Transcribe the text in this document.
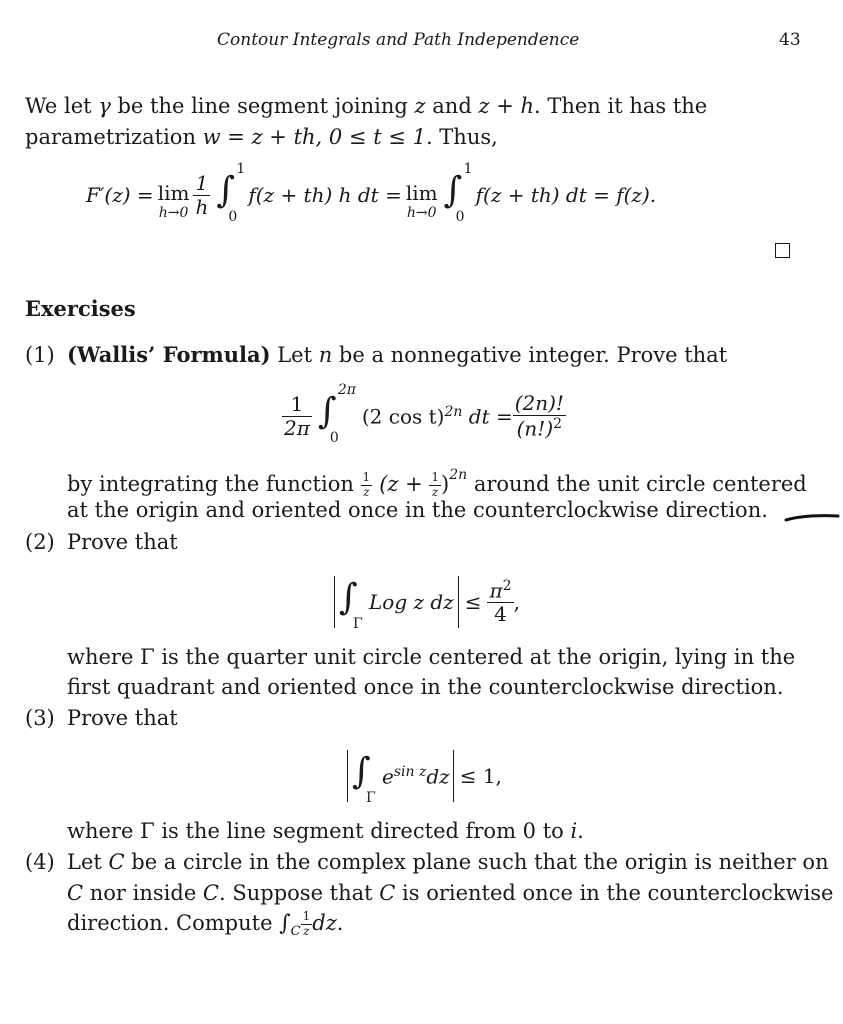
Contour Integrals and Path Independence	43
We let γ be the line segment joining z and z + h. Then it has the
parametrization w = z + th, 0 ≤ t ≤ 1. Thus,
F′(z) = lim
$h\to 0 \frac{1}{h}$ ∫
1
0
f(z + th) h dt = lim
h→0
∫
1
0
f(z + th) dt = f(z).
Exercises
(1) (Wallis’ Formula) Let n be a nonnegative integer. Prove that
$\frac{1}{2\pi}$ ∫
2π
0
(2 cos t)$^{2n}$ dt = $\frac{(2n)!}{(n!)^2}$
by integrating the function $\frac{1}{z} (z + \frac{1}{z} )^{2n}$ around the unit circle centered
at the origin and oriented once in the counterclockwise direction.
(2) Prove that
∫
Γ
Log z dz ≤ $\frac{\pi^2}{4}$ ,
where Γ is the quarter unit circle centered at the origin, lying in the
first quadrant and oriented once in the counterclockwise direction.
(3) Prove that
∫
Γ
$e^{sin z}dz \le 1$,
where Γ is the line segment directed from 0 to i.
(4) Let C be a circle in the complex plane such that the origin is neither on
C nor inside C. Suppose that C is oriented once in the counterclockwise
direction. Compute $\int_C \frac{1}{z}$ dz.
